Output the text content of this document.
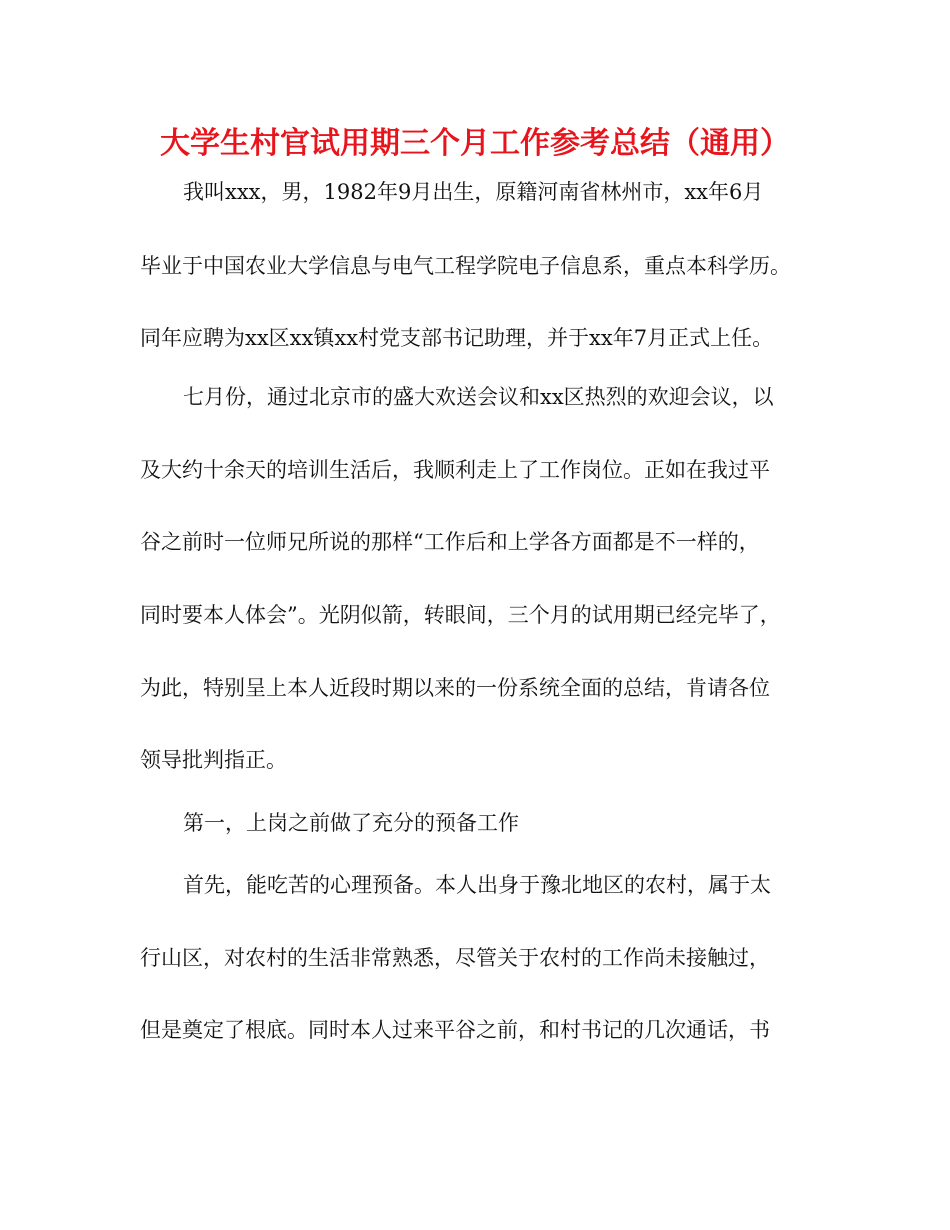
大学生村官试用期三个月工作参考总结（通用）
我叫xxx，男，1982年9月出生，原籍河南省林州市，xx年6月
毕业于中国农业大学信息与电气工程学院电子信息系，重点本科学历。
同年应聘为xx区xx镇xx村党支部书记助理，并于xx年7月正式上任。
七月份，通过北京市的盛大欢送会议和xx区热烈的欢迎会议，以
及大约十余天的培训生活后，我顺利走上了工作岗位。正如在我过平
谷之前时一位师兄所说的那样“工作后和上学各方面都是不一样的，
同时要本人体会”。光阴似箭，转眼间，三个月的试用期已经完毕了，
为此，特别呈上本人近段时期以来的一份系统全面的总结，肯请各位
领导批判指正。
第一，上岗之前做了充分的预备工作
首先，能吃苦的心理预备。本人出身于豫北地区的农村，属于太
行山区，对农村的生活非常熟悉，尽管关于农村的工作尚未接触过，
但是奠定了根底。同时本人过来平谷之前，和村书记的几次通话，书
